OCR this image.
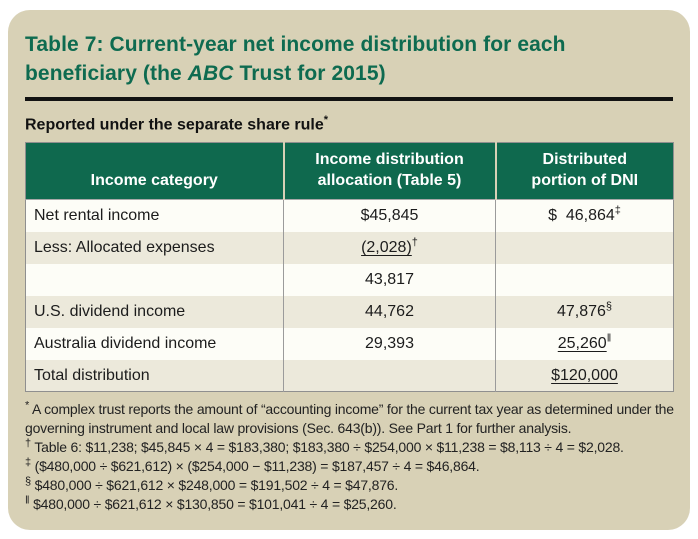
Table 7: Current-year net income distribution for each beneficiary (the ABC Trust for 2015)
Reported under the separate share rule*
Income category	Income distribution allocation (Table 5)	Distributed portion of DNI
Net rental income	$45,845	$  46,864‡
Less: Allocated expenses	(2,028)†	
	43,817	
U.S. dividend income	44,762	47,876§
Australia dividend income	29,393	25,260‖
Total distribution		$120,000

* A complex trust reports the amount of “accounting income” for the current tax year as determined under the governing instrument and local law provisions (Sec. 643(b)). See Part 1 for further analysis.

† Table 6: $11,238; $45,845 × 4 = $183,380; $183,380 ÷ $254,000 × $11,238 = $8,113 ÷ 4 = $2,028.

‡ ($480,000 ÷ $621,612) × ($254,000 − $11,238) = $187,457 ÷ 4 = $46,864.

§ $480,000 ÷ $621,612 × $248,000 = $191,502 ÷ 4 = $47,876.

‖ $480,000 ÷ $621,612 × $130,850 = $101,041 ÷ 4 = $25,260.
